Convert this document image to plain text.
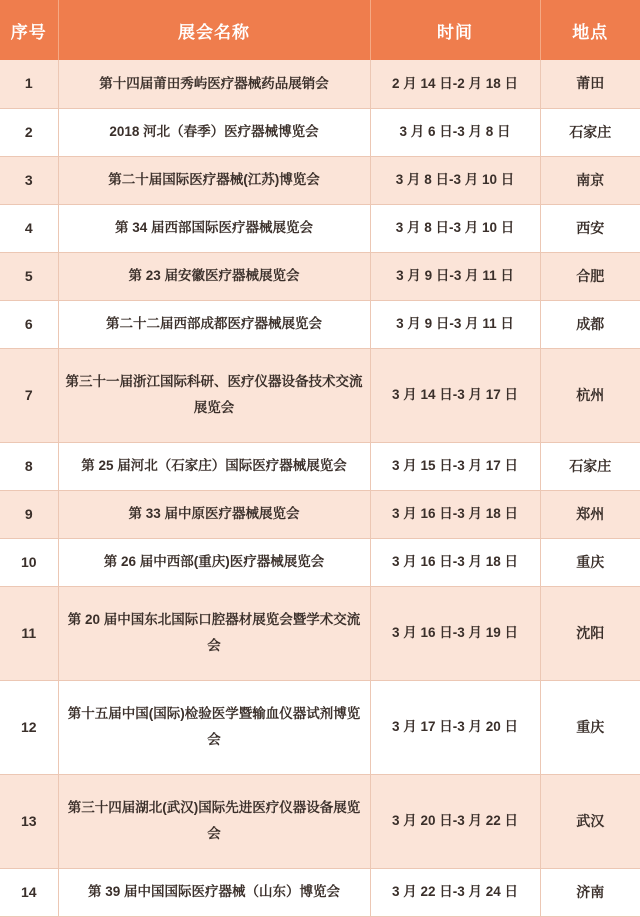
序号	展会名称	时间	地点
1	第十四届莆田秀屿医疗器械药品展销会	2 月 14 日-2 月 18 日	莆田
2	2018 河北（春季）医疗器械博览会	3 月 6 日-3 月 8 日	石家庄
3	第二十届国际医疗器械(江苏)博览会	3 月 8 日-3 月 10 日	南京
4	第 34 届西部国际医疗器械展览会	3 月 8 日-3 月 10 日	西安
5	第 23 届安徽医疗器械展览会	3 月 9 日-3 月 11 日	合肥
6	第二十二届西部成都医疗器械展览会	3 月 9 日-3 月 11 日	成都
7	第三十一届浙江国际科研、医疗仪器设备技术交流展览会	3 月 14 日-3 月 17 日	杭州
8	第 25 届河北（石家庄）国际医疗器械展览会	3 月 15 日-3 月 17 日	石家庄
9	第 33 届中原医疗器械展览会	3 月 16 日-3 月 18 日	郑州
10	第 26 届中西部(重庆)医疗器械展览会	3 月 16 日-3 月 18 日	重庆
11	第 20 届中国东北国际口腔器材展览会暨学术交流会	3 月 16 日-3 月 19 日	沈阳
12	第十五届中国(国际)检验医学暨输血仪器试剂博览会	3 月 17 日-3 月 20 日	重庆
13	第三十四届湖北(武汉)国际先进医疗仪器设备展览会	3 月 20 日-3 月 22 日	武汉
14	第 39 届中国国际医疗器械（山东）博览会	3 月 22 日-3 月 24 日	济南
